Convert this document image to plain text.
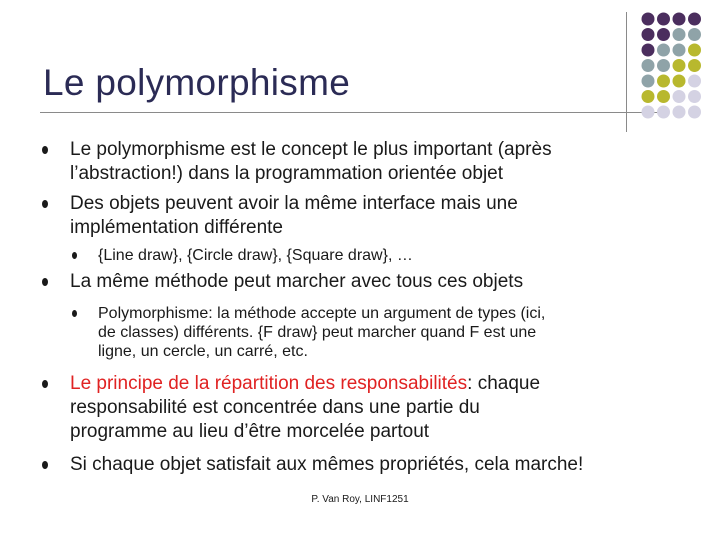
Le polymorphisme
Le polymorphisme est le concept le plus important (après
l’abstraction!) dans la programmation orientée objet
Des objets peuvent avoir la même interface mais une
implémentation différente
{Line draw}, {Circle draw}, {Square draw}, …
La même méthode peut marcher avec tous ces objets
Polymorphisme: la méthode accepte un argument de types (ici,
de classes) différents. {F draw} peut marcher quand F est une
ligne, un cercle, un carré, etc.
Le principe de la répartition des responsabilités: chaque
responsabilité est concentrée dans une partie du
programme au lieu d’être morcelée partout
Si chaque objet satisfait aux mêmes propriétés, cela marche!
P. Van Roy, LINF1251
